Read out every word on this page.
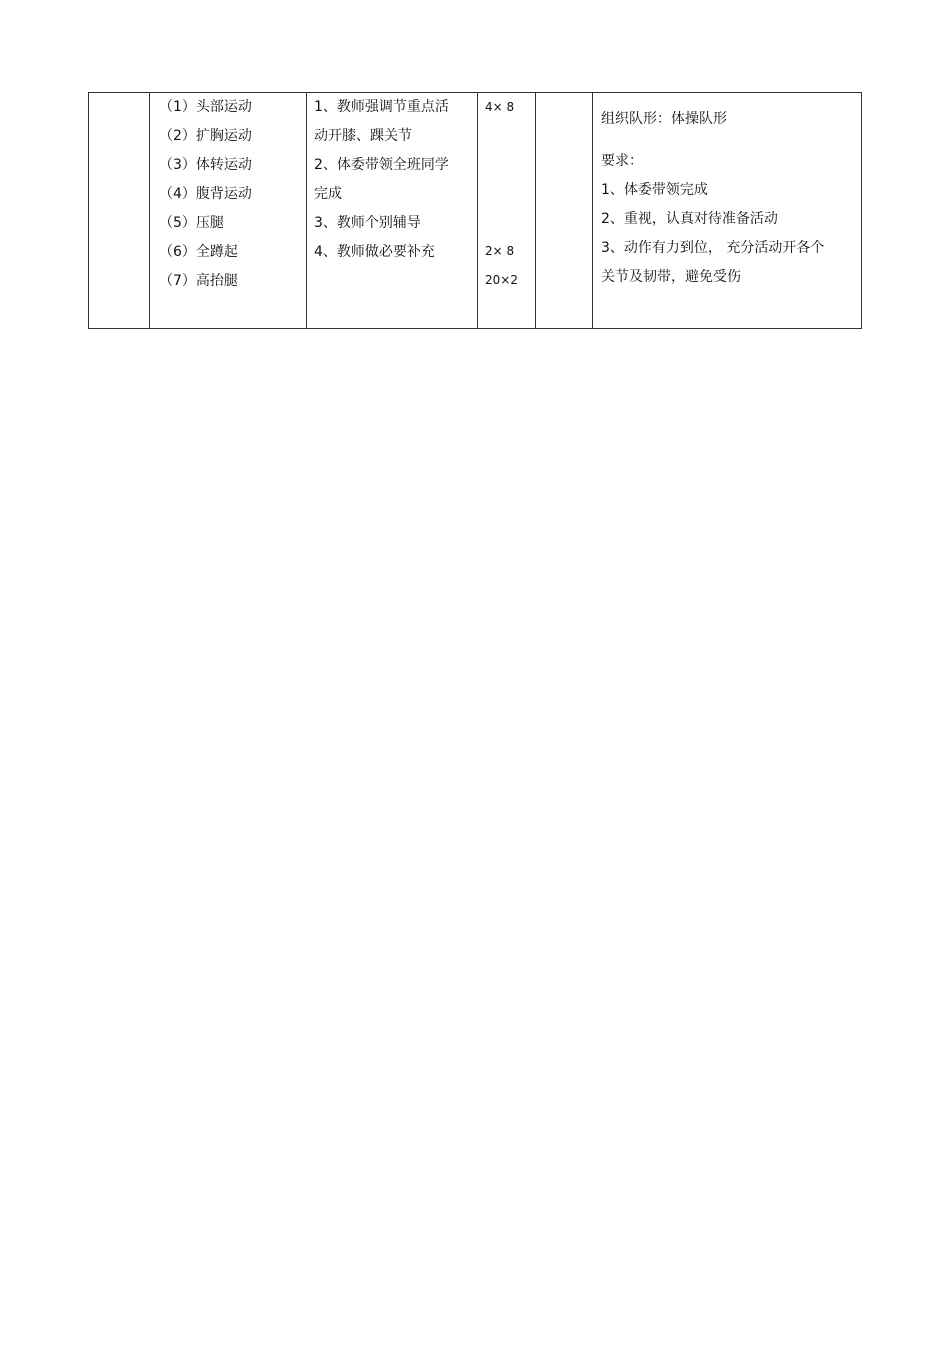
（1）头部运动
（2）扩胸运动
（3）体转运动
（4）腹背运动
（5）压腿
（6）全蹲起
（7）高抬腿
1、教师强调节重点活
动开膝、踝关节
2、体委带领全班同学
完成
3、教师个别辅导
4、教师做必要补充
4× 8
2× 8
20×2
组织队形：体操队形
要求：
1、体委带领完成
2、重视，认真对待准备活动
3、动作有力到位， 充分活动开各个
关节及韧带，避免受伤
